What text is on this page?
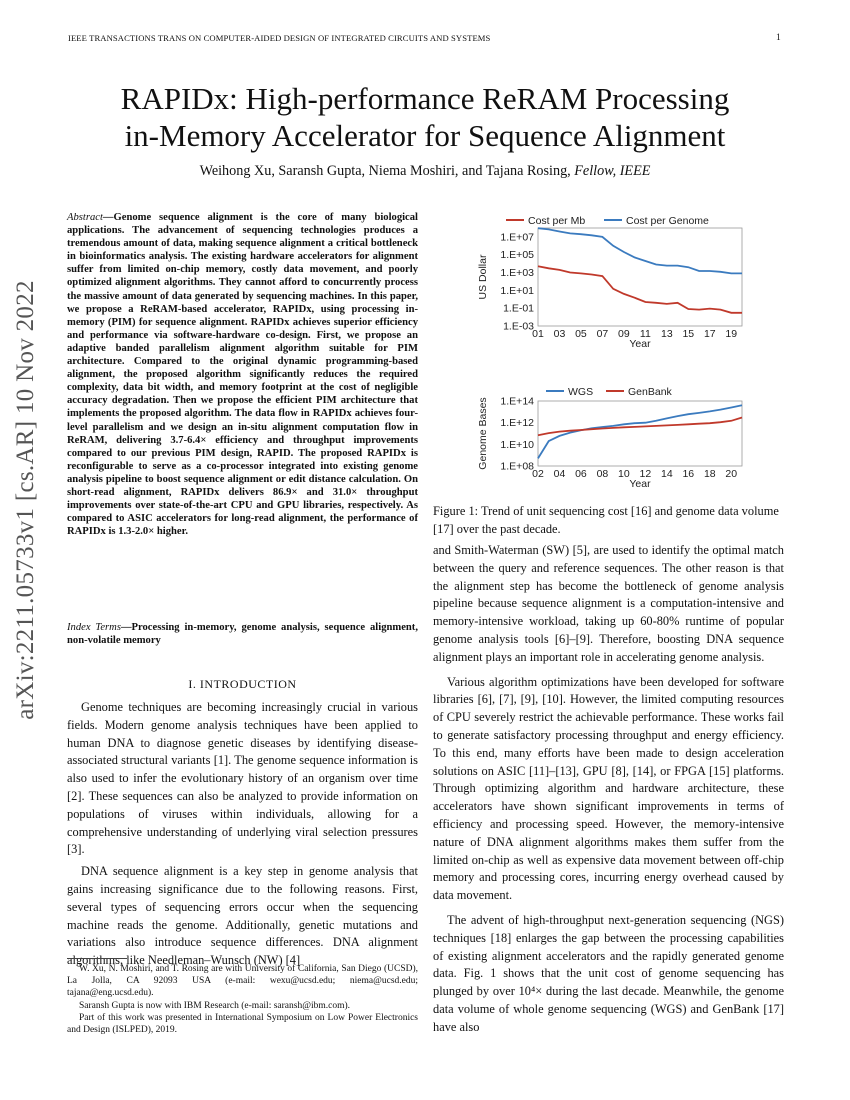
IEEE TRANSACTIONS TRANS ON COMPUTER-AIDED DESIGN OF INTEGRATED CIRCUITS AND SYSTEMS	1
arXiv:2211.05733v1 [cs.AR] 10 Nov 2022
RAPIDx: High-performance ReRAM Processing
in-Memory Accelerator for Sequence Alignment
Weihong Xu, Saransh Gupta, Niema Moshiri, and Tajana Rosing, Fellow, IEEE
Abstract—Genome sequence alignment is the core of many biological applications. The advancement of sequencing technologies produces a tremendous amount of data, making sequence alignment a critical bottleneck in bioinformatics analysis. The existing hardware accelerators for alignment suffer from limited on-chip memory, costly data movement, and poorly optimized alignment algorithms. They cannot afford to concurrently process the massive amount of data generated by sequencing machines. In this paper, we propose a ReRAM-based accelerator, RAPIDx, using processing in-memory (PIM) for sequence alignment. RAPIDx achieves superior efficiency and performance via software-hardware co-design. First, we propose an adaptive banded parallelism alignment algorithm suitable for PIM architecture. Compared to the original dynamic programming-based alignment, the proposed algorithm significantly reduces the required complexity, data bit width, and memory footprint at the cost of negligible accuracy degradation. Then we propose the efficient PIM architecture that implements the proposed algorithm. The data flow in RAPIDx achieves four-level parallelism and we design an in-situ alignment computation flow in ReRAM, delivering 3.7-6.4× efficiency and throughput improvements compared to our previous PIM design, RAPID. The proposed RAPIDx is reconfigurable to serve as a co-processor integrated into existing genome analysis pipeline to boost sequence alignment or edit distance calculation. On short-read alignment, RAPIDx delivers 86.9× and 31.0× throughput improvements over state-of-the-art CPU and GPU libraries, respectively. As compared to ASIC accelerators for long-read alignment, the performance of RAPIDx is 1.3-2.0× higher.
Index Terms—Processing in-memory, genome analysis, sequence alignment, non-volatile memory
I. INTRODUCTION

Genome techniques are becoming increasingly crucial in various fields. Modern genome analysis techniques have been applied to human DNA to diagnose genetic diseases by identifying disease-associated structural variants [1]. The genome sequence information is also used to infer the evolutionary history of an organism over time [2]. These sequences can also be analyzed to provide information on populations of viruses within individuals, allowing for a comprehensive understanding of underlying viral selection pressures [3].

DNA sequence alignment is a key step in genome analysis that gains increasing significance due to the following reasons. First, several types of sequencing errors occur when the sequencing machine reads the genome. Additionally, genetic mutations and variations also introduce sequence differences. DNA alignment algorithms, like Needleman–Wunsch (NW) [4]

W. Xu, N. Moshiri, and T. Rosing are with University of California, San Diego (UCSD), La Jolla, CA 92093 USA (e-mail: wexu@ucsd.edu; niema@ucsd.edu; tajana@eng.ucsd.edu).

Saransh Gupta is now with IBM Research (e-mail: saransh@ibm.com).

Part of this work was presented in International Symposium on Low Power Electronics and Design (ISLPED), 2019.

1.E-03
1.E-01
1.E+01
1.E+03
1.E+05
1.E+07
01 03 05 07 09 11 13 15 17 19
Year
US Dollar
Cost per Mb	Cost per Genome
1.E+08
1.E+10
1.E+12
1.E+14
02 04 06 08 10 12 14 16 18 20
Year
Genome Bases
WGS	GenBank
Figure 1: Trend of unit sequencing cost [16] and genome data volume [17] over the past decade.

and Smith-Waterman (SW) [5], are used to identify the optimal match between the query and reference sequences. The other reason is that the alignment step has become the bottleneck of genome analysis pipeline because sequence alignment is a computation-intensive and memory-intensive workload, taking up 60-80% runtime of popular genome analysis tools [6]–[9]. Therefore, boosting DNA sequence alignment plays an important role in accelerating genome analysis.

Various algorithm optimizations have been developed for software libraries [6], [7], [9], [10]. However, the limited computing resources of CPU severely restrict the achievable performance. These works fail to generate satisfactory processing throughput and energy efficiency. To this end, many efforts have been made to design acceleration solutions on ASIC [11]–[13], GPU [8], [14], or FPGA [15] platforms. Through optimizing algorithm and hardware architecture, these accelerators have shown significant improvements in terms of efficiency and processing speed. However, the memory-intensive nature of DNA alignment algorithms makes them suffer from the limited on-chip as well as expensive data movement between off-chip memory and processing cores, incurring energy overhead caused by data movement.

The advent of high-throughput next-generation sequencing (NGS) techniques [18] enlarges the gap between the processing capabilities of existing alignment accelerators and the rapidly generated genome data. Fig. 1 shows that the unit cost of genome sequencing has plunged by over 10⁴× during the last decade. Meanwhile, the genome data volume of whole genome sequencing (WGS) and GenBank [17] have also
